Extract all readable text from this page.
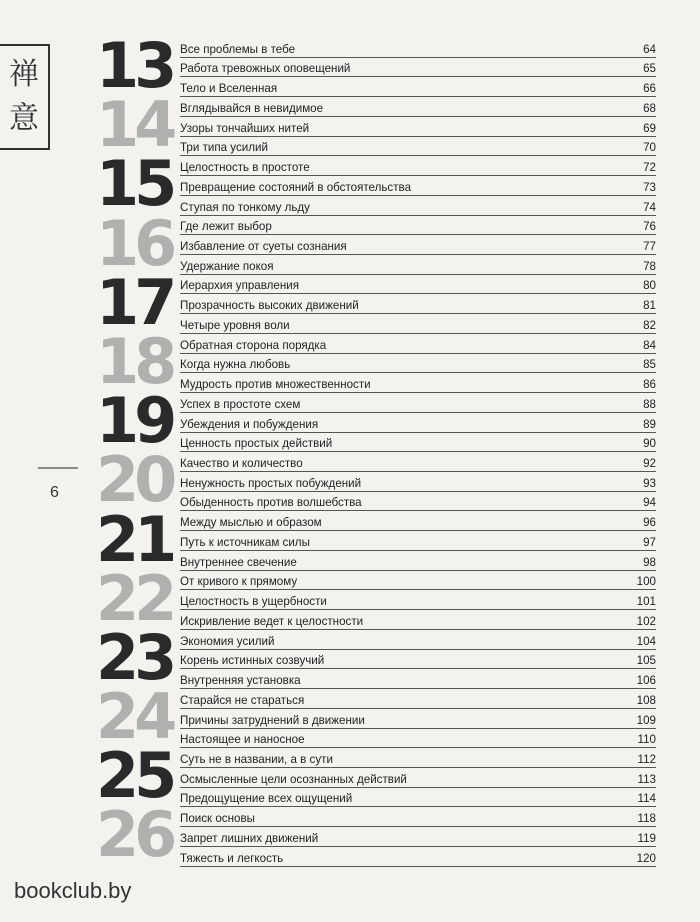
禅
意
6
13 Все проблемы в тебе	64
Работа тревожных оповещений	65
Тело и Вселенная	66
14 Вглядывайся в невидимое	68
Узоры тончайших нитей	69
Три типа усилий	70
15 Целостность в простоте	72
Превращение состояний в обстоятельства	73
Ступая по тонкому льду	74
16 Где лежит выбор	76
Избавление от суеты сознания	77
Удержание покоя	78
17 Иерархия управления	80
Прозрачность высоких движений	81
Четыре уровня воли	82
18 Обратная сторона порядка	84
Когда нужна любовь	85
Мудрость против множественности	86
19 Успех в простоте схем	88
Убеждения и побуждения	89
Ценность простых действий	90
20 Качество и количество	92
Ненужность простых побуждений	93
Обыденность против волшебства	94
21 Между мыслью и образом	96
Путь к источникам силы	97
Внутреннее свечение	98
22 От кривого к прямому	100
Целостность в ущербности	101
Искривление ведет к целостности	102
23 Экономия усилий	104
Корень истинных созвучий	105
Внутренняя установка	106
24 Старайся не стараться	108
Причины затруднений в движении	109
Настоящее и наносное	110
25 Суть не в названии, а в сути	112
Осмысленные цели осознанных действий	113
Предощущение всех ощущений	114
26 Поиск основы	118
Запрет лишних движений	119
Тяжесть и легкость	120
bookclub.by
